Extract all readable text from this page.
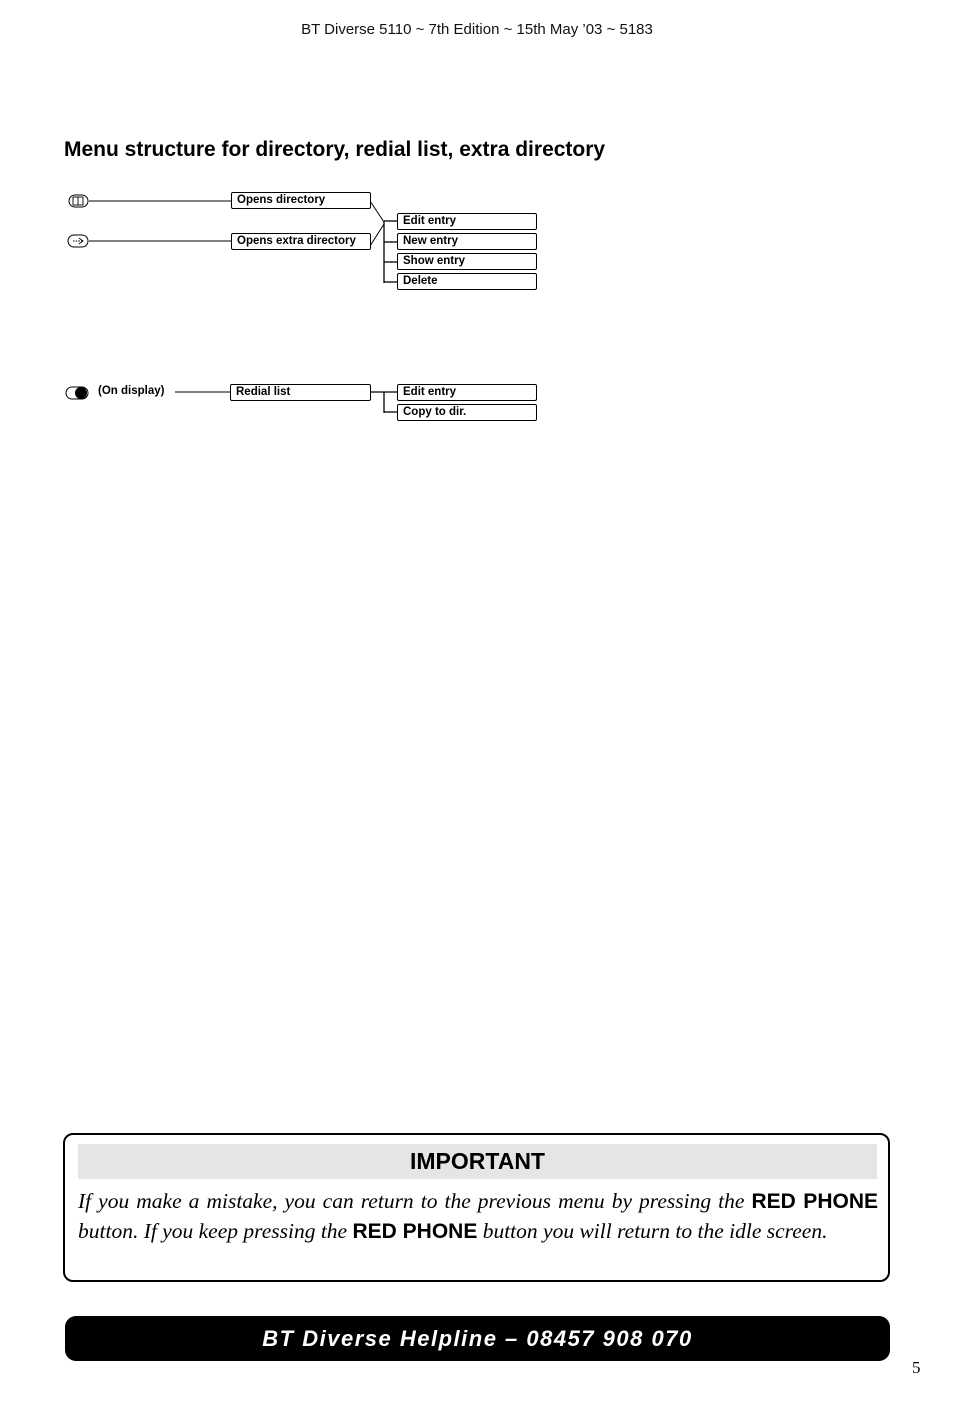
BT Diverse 5110 ~ 7th Edition ~ 15th May ’03 ~ 5183
Menu structure for directory, redial list, extra directory
Opens directory
Opens extra directory
Edit entry
New entry
Show entry
Delete
(On display)	Redial list	Edit entry
Copy to dir.
IMPORTANT
If you make a mistake, you can return to the previous menu by pressing the RED PHONE button. If you keep pressing the RED PHONE button you will return to the idle screen.
BT Diverse Helpline – 08457 908 070
5
